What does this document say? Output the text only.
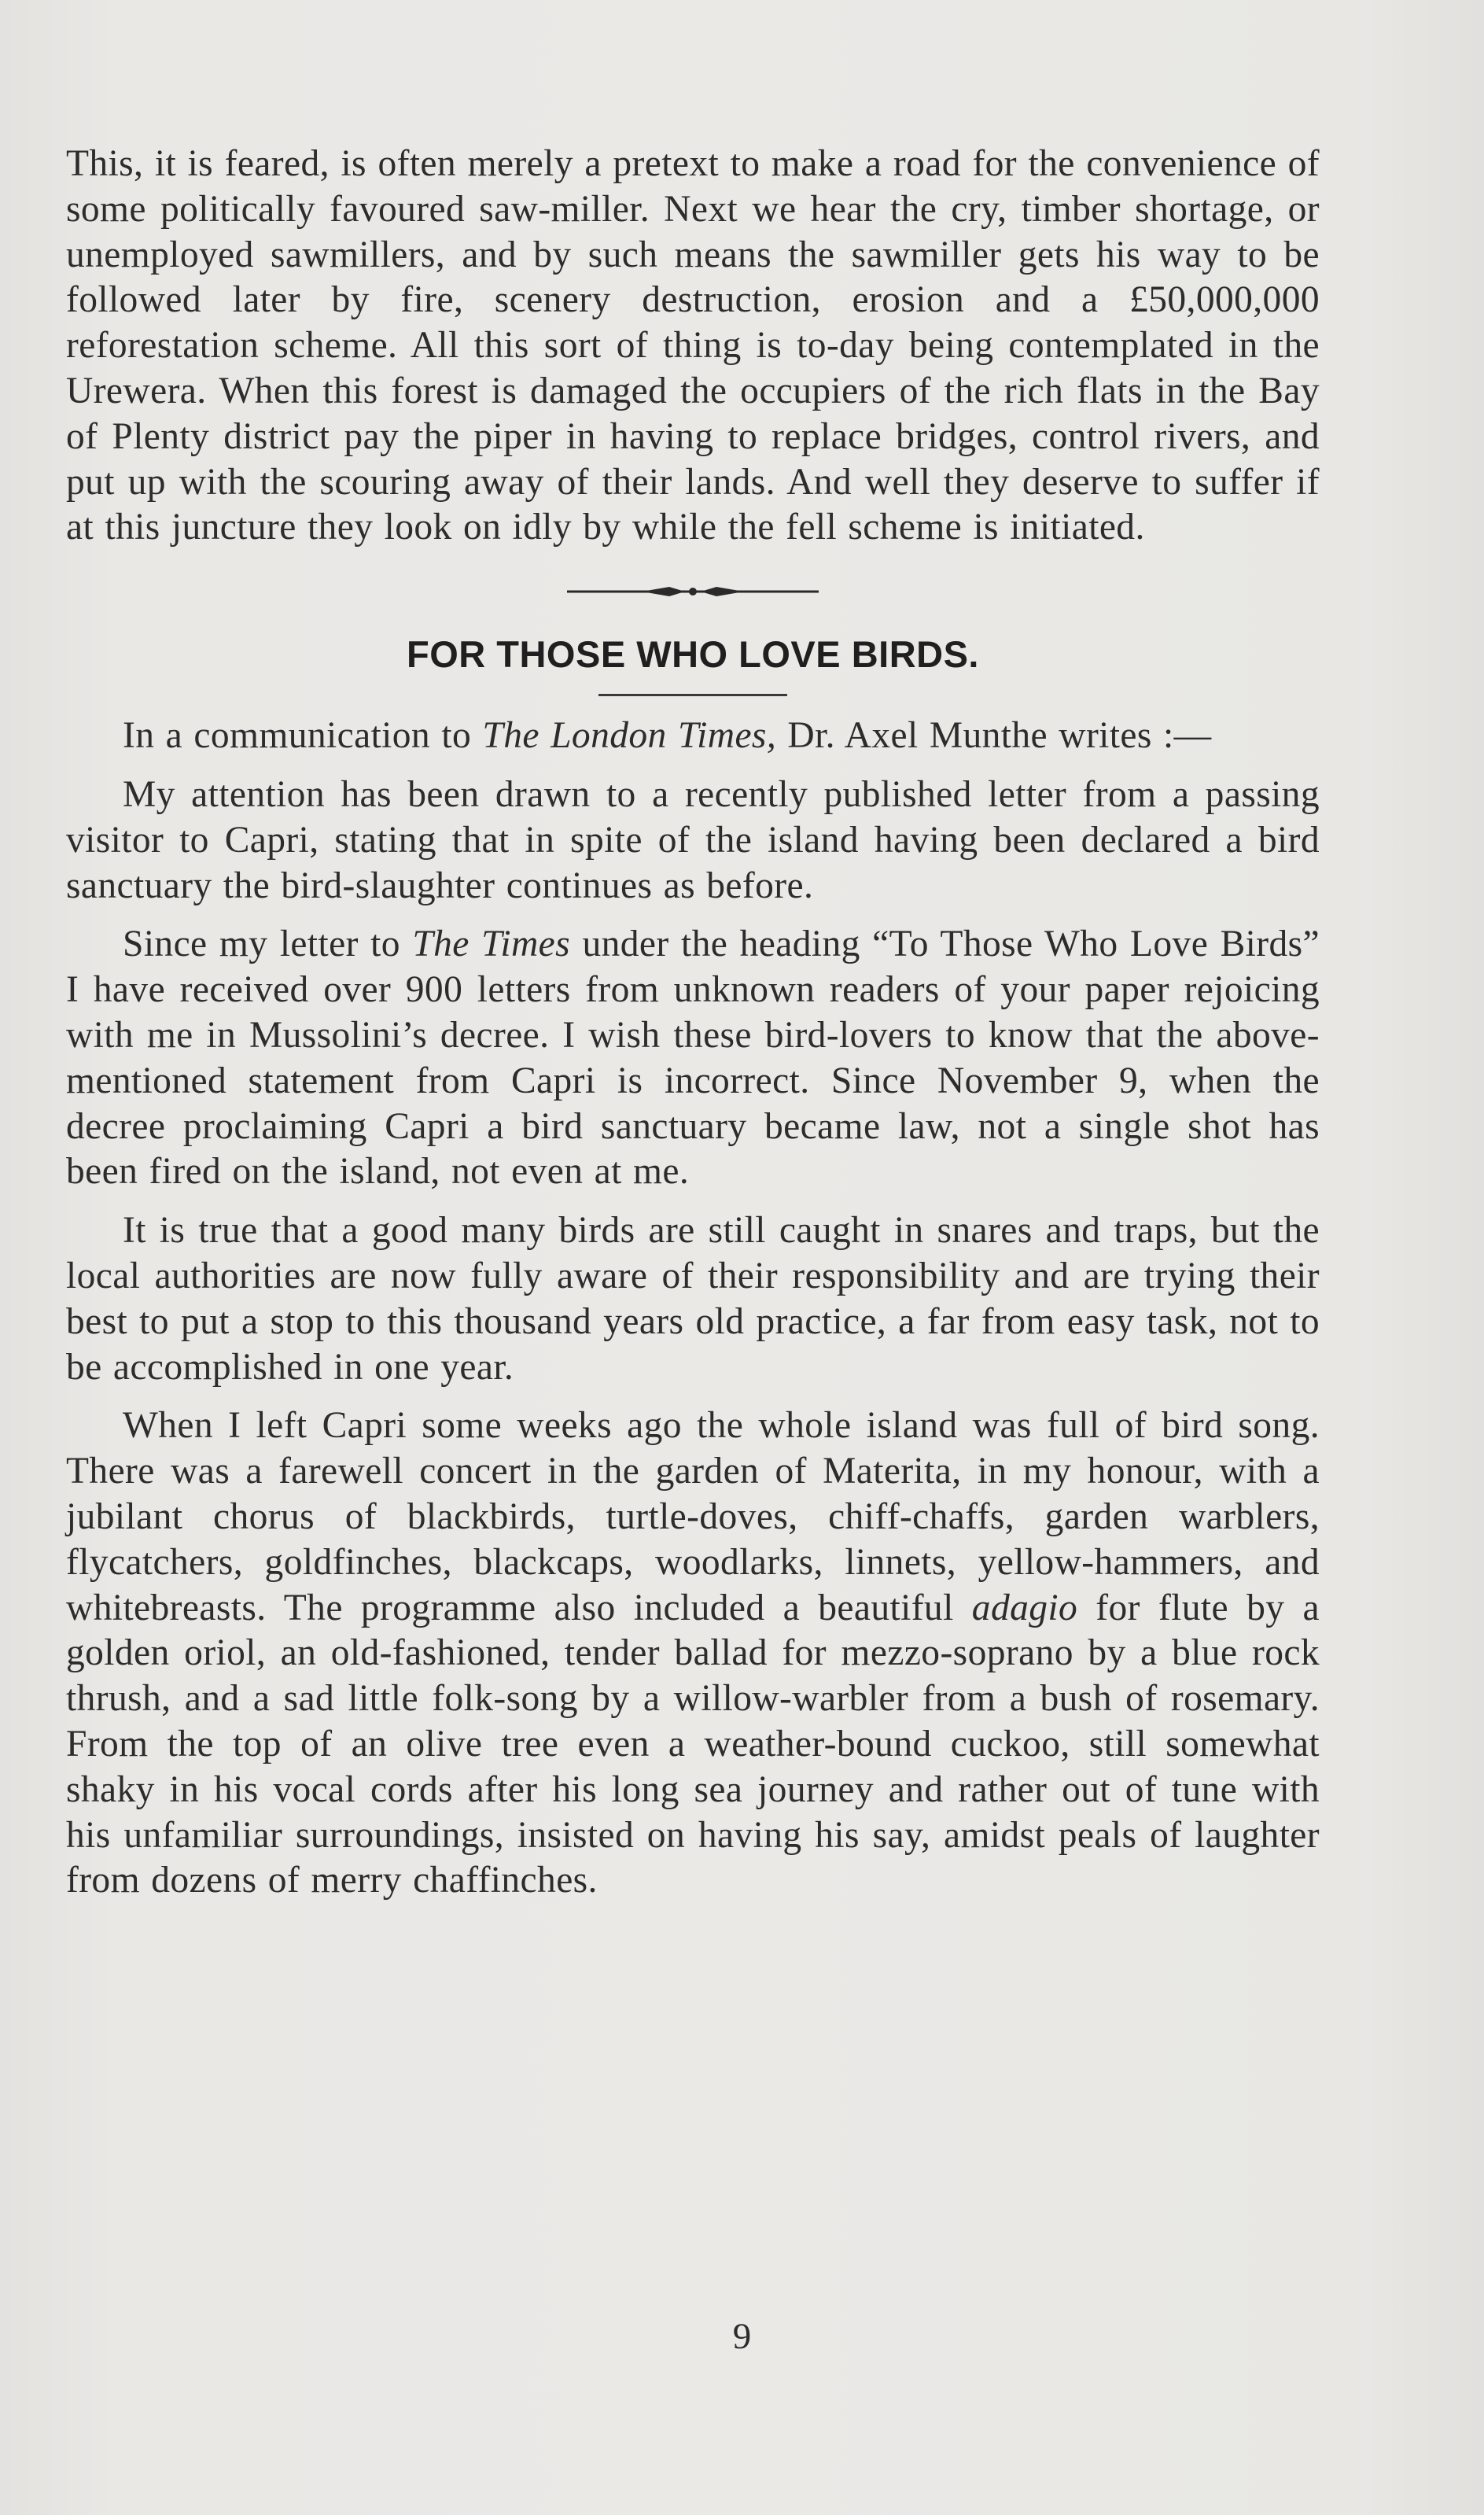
This, it is feared, is often merely a pretext to make a road for the convenience of some politically favoured saw-miller. Next we hear the cry, timber shortage, or unemployed sawmillers, and by such means the sawmiller gets his way to be followed later by fire, scenery destruction, erosion and a £50,000,000 reforestation scheme. All this sort of thing is to-day being contemplated in the Urewera. When this forest is damaged the occupiers of the rich flats in the Bay of Plenty district pay the piper in having to replace bridges, control rivers, and put up with the scouring away of their lands. And well they deserve to suffer if at this juncture they look on idly by while the fell scheme is initiated.

FOR THOSE WHO LOVE BIRDS.

In a communication to The London Times, Dr. Axel Munthe writes :—

My attention has been drawn to a recently published letter from a passing visitor to Capri, stating that in spite of the island having been declared a bird sanctuary the bird-slaughter continues as before.

Since my letter to The Times under the heading “To Those Who Love Birds” I have received over 900 letters from unknown readers of your paper rejoicing with me in Mussolini’s decree. I wish these bird-lovers to know that the above-mentioned statement from Capri is incorrect. Since November 9, when the decree proclaiming Capri a bird sanctuary became law, not a single shot has been fired on the island, not even at me.

It is true that a good many birds are still caught in snares and traps, but the local authorities are now fully aware of their responsibility and are trying their best to put a stop to this thousand years old practice, a far from easy task, not to be accomplished in one year.

When I left Capri some weeks ago the whole island was full of bird song. There was a farewell concert in the garden of Materita, in my honour, with a jubilant chorus of blackbirds, turtle-doves, chiff-chaffs, garden warblers, flycatchers, goldfinches, blackcaps, woodlarks, linnets, yellow-hammers, and whitebreasts. The programme also included a beautiful adagio for flute by a golden oriol, an old-fashioned, tender ballad for mezzo-soprano by a blue rock thrush, and a sad little folk-song by a willow-warbler from a bush of rosemary. From the top of an olive tree even a weather-bound cuckoo, still somewhat shaky in his vocal cords after his long sea journey and rather out of tune with his unfamiliar surroundings, insisted on having his say, amidst peals of laughter from dozens of merry chaffinches.

9
